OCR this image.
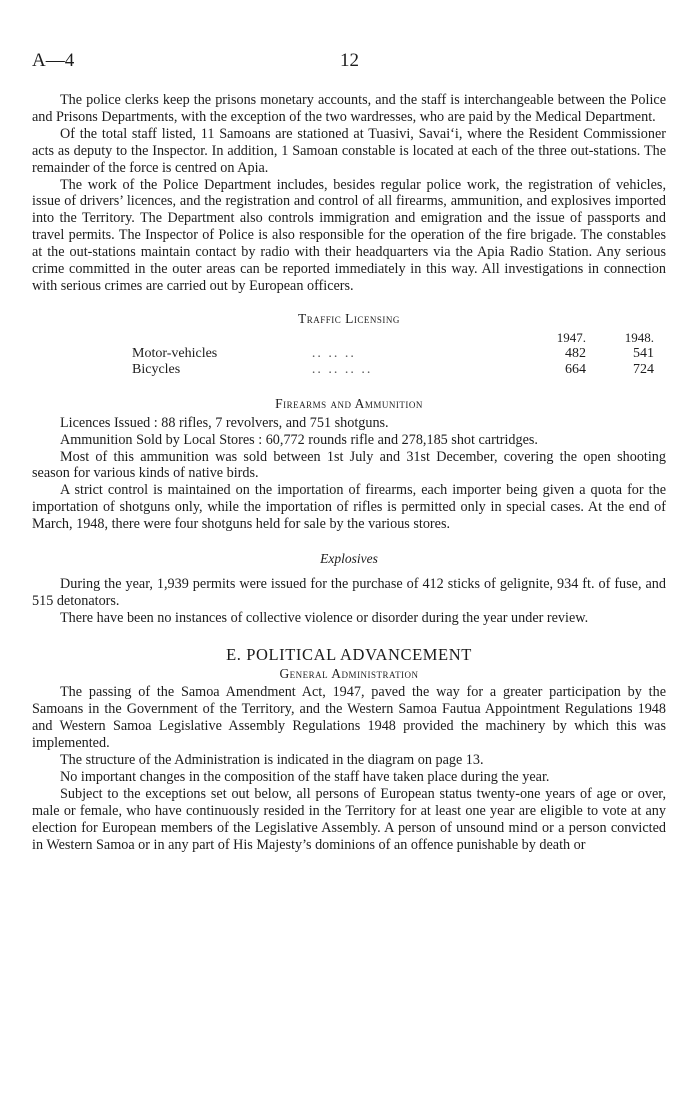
A—4	12

The police clerks keep the prisons monetary accounts, and the staff is interchangeable between the Police and Prisons Departments, with the exception of the two wardresses, who are paid by the Medical Department.

Of the total staff listed, 11 Samoans are stationed at Tuasivi, Savai‘i, where the Resident Commissioner acts as deputy to the Inspector. In addition, 1 Samoan constable is located at each of the three out-stations. The remainder of the force is centred on Apia.

The work of the Police Department includes, besides regular police work, the registration of vehicles, issue of drivers’ licences, and the registration and control of all firearms, ammunition, and explosives imported into the Territory. The Department also controls immigration and emigration and the issue of passports and travel permits. The Inspector of Police is also responsible for the operation of the fire brigade. The constables at the out-stations maintain contact by radio with their headquarters via the Apia Radio Station. Any serious crime committed in the outer areas can be reported immediately in this way. All investigations in connection with serious crimes are carried out by European officers.

Traffic Licensing
		1947.	1948.
Motor-vehicles	.. .. ..	482	541
Bicycles	.. .. .. ..	664	724
Firearms and Ammunition

Licences Issued : 88 rifles, 7 revolvers, and 751 shotguns.

Ammunition Sold by Local Stores : 60,772 rounds rifle and 278,185 shot cartridges.

Most of this ammunition was sold between 1st July and 31st December, covering the open shooting season for various kinds of native birds.

A strict control is maintained on the importation of firearms, each importer being given a quota for the importation of shotguns only, while the importation of rifles is permitted only in special cases. At the end of March, 1948, there were four shotguns held for sale by the various stores.

Explosives

During the year, 1,939 permits were issued for the purchase of 412 sticks of gelignite, 934 ft. of fuse, and 515 detonators.

There have been no instances of collective violence or disorder during the year under review.

E. POLITICAL ADVANCEMENT
General Administration

The passing of the Samoa Amendment Act, 1947, paved the way for a greater participation by the Samoans in the Government of the Territory, and the Western Samoa Fautua Appointment Regulations 1948 and Western Samoa Legislative Assembly Regulations 1948 provided the machinery by which this was implemented.

The structure of the Administration is indicated in the diagram on page 13.

No important changes in the composition of the staff have taken place during the year.

Subject to the exceptions set out below, all persons of European status twenty-one years of age or over, male or female, who have continuously resided in the Territory for at least one year are eligible to vote at any election for European members of the Legislative Assembly. A person of unsound mind or a person convicted in Western Samoa or in any part of His Majesty’s dominions of an offence punishable by death or
